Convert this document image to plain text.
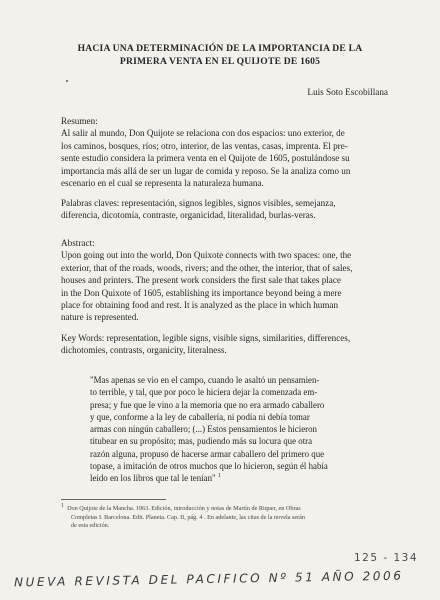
HACIA UNA DETERMINACIÓN DE LA IMPORTANCIA DE LA
PRIMERA VENTA EN EL QUIJOTE DE 1605
Luis Soto Escobillana
Resumen:
Al salir al mundo, Don Quijote se relaciona con dos espacios: uno exterior, de
los caminos, bosques, ríos; otro, interior, de las ventas, casas, imprenta. El pre-
sente estudio considera la primera venta en el Quijote de 1605, postulándose su
importancia más allá de ser un lugar de comida y reposo. Se la analiza como un
escenario en el cual se representa la naturaleza humana.
Palabras claves: representación, signos legibles, signos visibles, semejanza,
diferencia, dicotomía, contraste, organicidad, literalidad, burlas-veras.
Abstract:
Upon going out into the world, Don Quixote connects with two spaces: one, the
exterior, that of the roads, woods, rivers; and the other, the interior, that of sales,
houses and printers. The present work considers the first sale that takes place
in the Don Quixote of 1605, establishing its importance beyond being a mere
place for obtaining food and rest. It is analyzed as the place in which human
nature is represented.
Key Words: representation, legible signs, visible signs, similarities, differences,
dichotomies, contrasts, organicity, literalness.
"Mas apenas se vio en el campo, cuando le asaltó un pensamien-
to terrible, y tal, que por poco le hiciera dejar la comenzada em-
presa; y fue que le vino a la memoria que no era armado caballero
y que, conforme a la ley de caballería, ni podía ni debía tomar
armas con ningún caballero; (...) Estos pensamientos le hicieron
titubear en su propósito; mas, pudiendo más su locura que otra
razón alguna, propuso de hacerse armar caballero del primero que
topase, a imitación de otros muchos que lo hicieron, según él había
leído en los libros que tal le tenían" $^1$
$^1$ Don Quijote de la Mancha. 1963. Edición, introducción y notas de Martín de Riquer, en Obras
Completas I. Barcelona. Edit. Planeta. Cap. II, pág. 4 . En adelante, las citas de la novela serán
de esta edición.
125 - 134
NUEVA REVISTA DEL PACIFICO Nº 51 AÑO 2006
